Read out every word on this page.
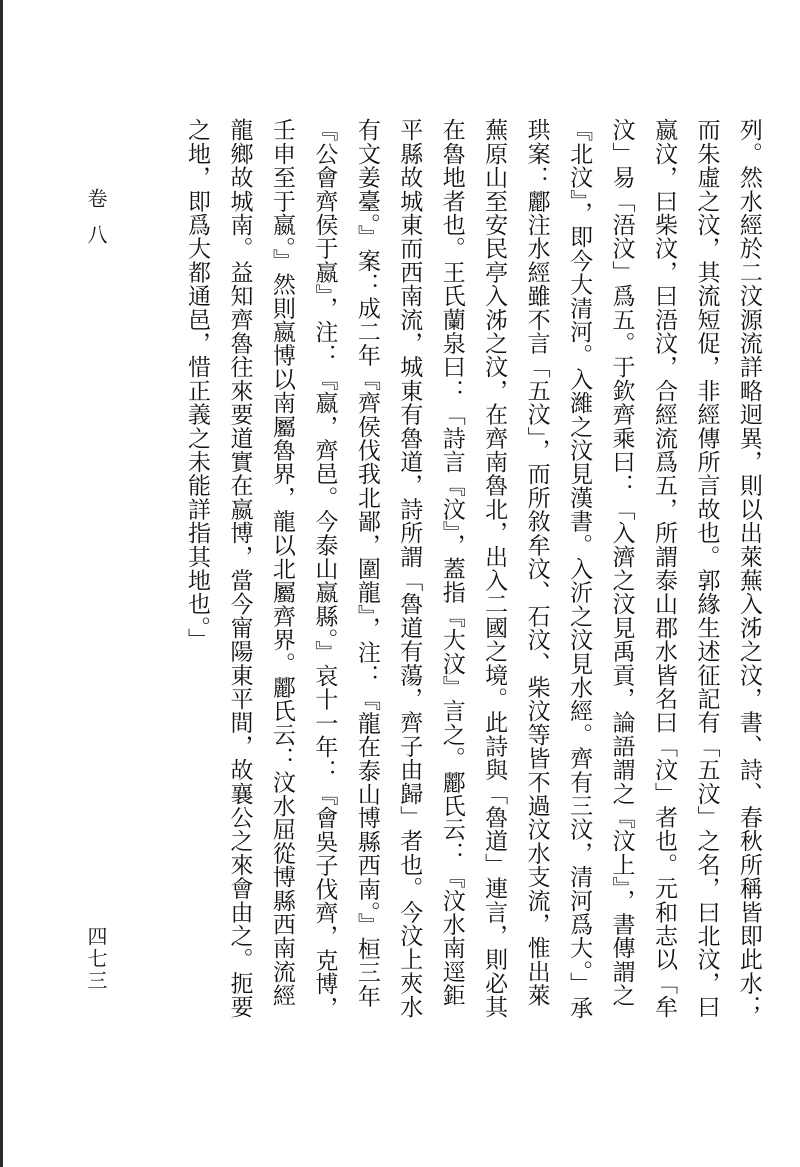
卷八	列。然水經於二汶源流詳略迥異，則以出萊蕪入泲之汶，書、詩、春秋所稱皆即此水；
而朱虛之汶，其流短促，非經傳所言故也。郭緣生述征記有「五汶」之名，曰北汶，曰
嬴汶，曰柴汶，曰浯汶，合經流爲五，所謂泰山郡水皆名曰「汶」者也。元和志以「牟
汶」易「浯汶」爲五。于欽齊乘曰：「入濟之汶見禹貢，論語謂之『汶上』，書傳謂之
『北汶』，即今大清河。入濰之汶見漢書。入沂之汶見水經。齊有三汶，清河爲大。」承
珙案：酈注水經雖不言「五汶」，而所敘牟汶、石汶、柴汶等皆不過汶水支流，惟出萊
蕪原山至安民亭入泲之汶，在齊南魯北，出入二國之境。此詩與「魯道」連言，則必其
在魯地者也。王氏蘭泉曰：「詩言『汶』，蓋指『大汶』言之。酈氏云：『汶水南逕鉅
平縣故城東而西南流，城東有魯道，詩所謂「魯道有蕩，齊子由歸」者也。今汶上夾水
有文姜臺。』案：成二年『齊侯伐我北鄙，圍龍』，注：『龍在泰山博縣西南。』桓三年
『公會齊侯于嬴』，注：『嬴，齊邑。今泰山嬴縣。』哀十一年：『會吳子伐齊，克博，
壬申至于嬴。』然則嬴博以南屬魯界，龍以北屬齊界。酈氏云：汶水屈從博縣西南流經
龍鄉故城南。益知齊魯往來要道實在嬴博，當今甯陽東平間，故襄公之來會由之。扼要
之地，即爲大都通邑，惜正義之未能詳指其地也。」
四七三
